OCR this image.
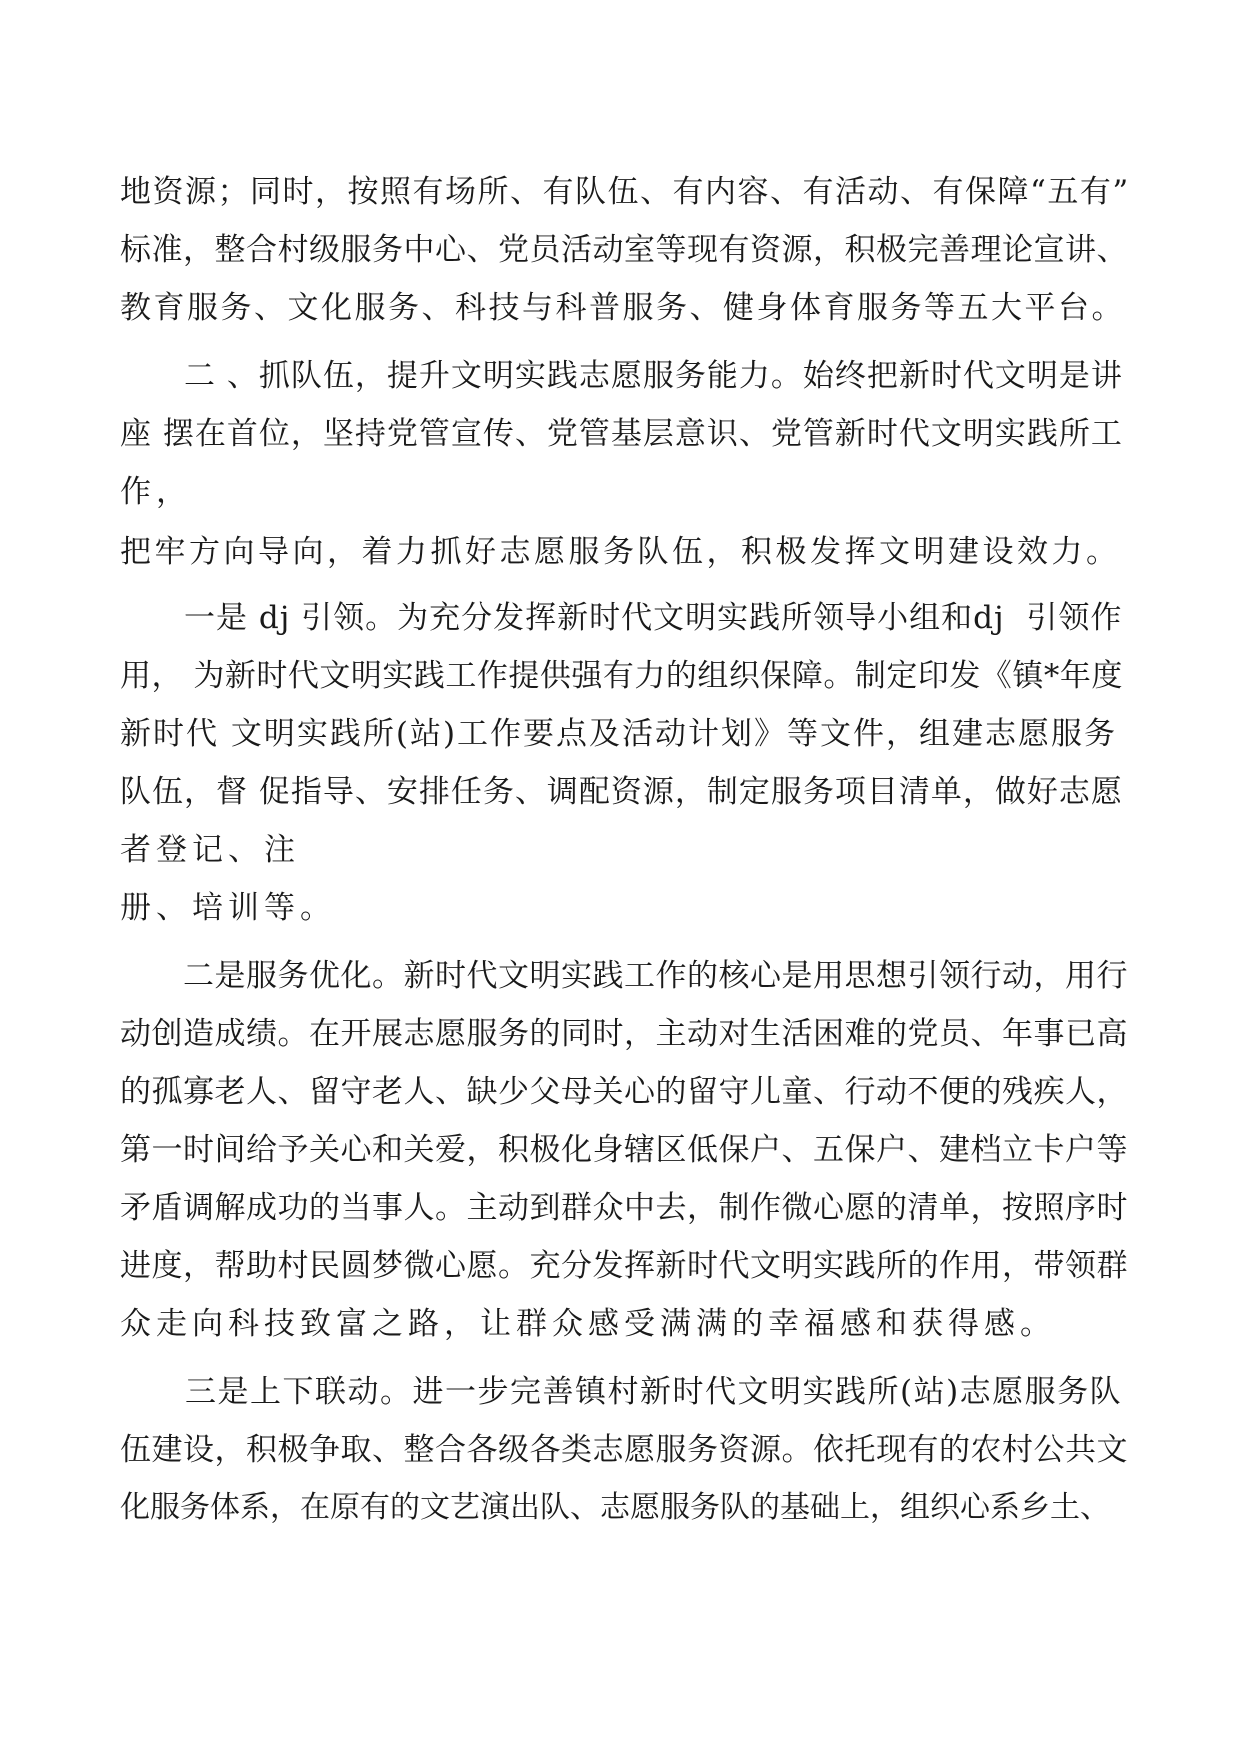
地资源；同时，按照有场所、有队伍、有内容、有活动、有保障“五有”

标准，整合村级服务中心、党员活动室等现有资源，积极完善理论宣讲、

教育服务、文化服务、科技与科普服务、健身体育服务等五大平台。

　　二 、抓队伍，提升文明实践志愿服务能力。始终把新时代文明是讲

座 摆在首位，坚持党管宣传、党管基层意识、党管新时代文明实践所工

作，

把牢方向导向，着力抓好志愿服务队伍，积极发挥文明建设效力。

　　一是 dj 引领。为充分发挥新时代文明实践所领导小组和dj  引领作

用， 为新时代文明实践工作提供强有力的组织保障。制定印发《镇*年度

新时代 文明实践所(站)工作要点及活动计划》等文件，组建志愿服务

队伍，督 促指导、安排任务、调配资源，制定服务项目清单，做好志愿

者登记、注

册、培训等。

　　二是服务优化。新时代文明实践工作的核心是用思想引领行动，用行

动创造成绩。在开展志愿服务的同时，主动对生活困难的党员、年事已高

的孤寡老人、留守老人、缺少父母关心的留守儿童、行动不便的残疾人，

第一时间给予关心和关爱，积极化身辖区低保户、五保户、建档立卡户等

矛盾调解成功的当事人。主动到群众中去，制作微心愿的清单，按照序时

进度，帮助村民圆梦微心愿。充分发挥新时代文明实践所的作用，带领群

众走向科技致富之路，让群众感受满满的幸福感和获得感。

　　三是上下联动。进一步完善镇村新时代文明实践所(站)志愿服务队

伍建设，积极争取、整合各级各类志愿服务资源。依托现有的农村公共文

化服务体系，在原有的文艺演出队、志愿服务队的基础上，组织心系乡土、
